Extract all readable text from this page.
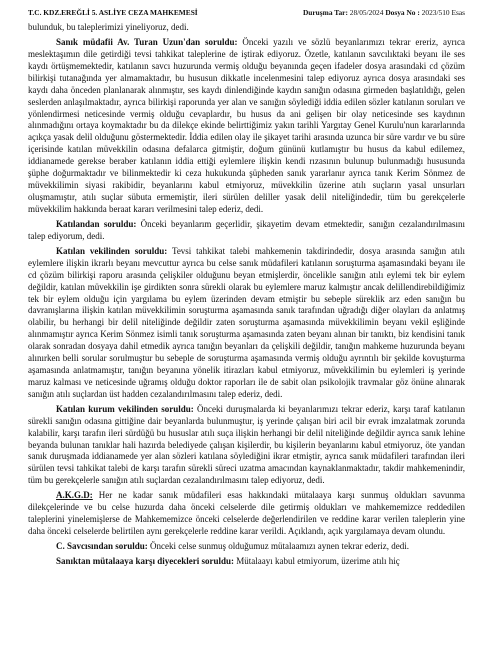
T.C. KDZ.EREĞLİ 5. ASLİYE CEZA MAHKEMESİ	Duruşma Tar: 28/05/2024 Dosya No : 2023/510 Esas

bulunduk, bu taleplerimizi yineliyoruz, dedi.

Sanık müdafii Av. Turan Uzun'dan soruldu: Önceki yazılı ve sözlü beyanlarımızı tekrar ereriz, ayrıca meslektaşımın dile getirdiği tevsi tahkikat taleplerine de iştirak ediyoruz. Özetle, katılanın savcılıktaki beyanı ile ses kaydı örtüşmemektedir, katılanın savcı huzurunda vermiş olduğu beyanında geçen ifadeler dosya arasındaki cd çözüm bilirkişi tutanağında yer almamaktadır, bu hususun dikkatle incelenmesini talep ediyoruz ayrıca dosya arasındaki ses kaydı daha önceden planlanarak alınmıştır, ses kaydı dinlendiğinde kaydın sanığın odasına girmeden başlatıldığı, gelen seslerden anlaşılmaktadır, ayrıca bilirkişi raporunda yer alan ve sanığın söylediği iddia edilen sözler katılanın soruları ve yönlendirmesi neticesinde vermiş olduğu cevaplardır, bu husus da ani gelişen bir olay neticesinde ses kaydının alınmadığını ortaya koymaktadır bu da dilekçe ekinde belirttiğimiz yakın tarihli Yargıtay Genel Kurulu'nun kararlarında açıkça yasak delil olduğunu göstermektedir. İddia edilen olay ile şikayet tarihi arasında uzunca bir süre vardır ve bu süre içerisinde katılan müvekkilin odasına defalarca gitmiştir, doğum gününü kutlamıştır bu husus da kabul edilemez, iddianamede gerekse beraber katılanın iddia ettiği eylemlere ilişkin kendi rızasının bulunup bulunmadığı hususunda şüphe doğurmaktadır ve bilinmektedir ki ceza hukukunda şüpheden sanık yararlanır ayrıca tanık Kerim Sönmez de müvekkilimin siyasi rakibidir, beyanlarını kabul etmiyoruz, müvekkilin üzerine atılı suçların yasal unsurları oluşmamıştır, atılı suçlar sübuta ermemiştir, ileri sürülen deliller yasak delil niteliğindedir, tüm bu gerekçelerle müvekkilim hakkında beraat kararı verilmesini talep ederiz, dedi.

Katılandan soruldu: Önceki beyanlarım geçerlidir, şikayetim devam etmektedir, sanığın cezalandırılmasını talep ediyorum, dedi.

Katılan vekilinden soruldu: Tevsi tahkikat talebi mahkemenin takdirindedir, dosya arasında sanığın atılı eylemlere ilişkin ikrarlı beyanı mevcuttur ayrıca bu celse sanık müdafileri katılanın soruşturma aşamasındaki beyanı ile cd çözüm bilirkişi raporu arasında çelişkiler olduğunu beyan etmişlerdir, öncelikle sanığın atılı eylemi tek bir eylem değildir, katılan müvekkilin işe girdikten sonra sürekli olarak bu eylemlere maruz kalmıştır ancak delillendirebildiğimiz tek bir eylem olduğu için yargılama bu eylem üzerinden devam etmiştir bu sebeple süreklik arz eden sanığın bu davranışlarına ilişkin katılan müvekkilimin soruşturma aşamasında sanık tarafından uğradığı diğer olayları da anlatmış olabilir, bu herhangi bir delil niteliğinde değildir zaten soruşturma aşamasında müvekkilimin beyanı vekil eşliğinde alınmamıştır ayrıca Kerim Sönmez isimli tanık soruşturma aşamasında zaten beyanı alınan bir tanıktı, biz kendisini tanık olarak sonradan dosyaya dahil etmedik ayrıca tanığın beyanları da çelişkili değildir, tanığın mahkeme huzurunda beyanı alınırken belli sorular sorulmuştur bu sebeple de soruşturma aşamasında vermiş olduğu ayrıntılı bir şekilde kovuşturma aşamasında anlatmamıştır, tanığın beyanına yönelik itirazları kabul etmiyoruz, müvekkilimin bu eylemleri iş yerinde maruz kalması ve neticesinde uğramış olduğu doktor raporları ile de sabit olan psikolojik travmalar göz önüne alınarak sanığın atılı suçlardan üst hadden cezalandırılmasını talep ederiz, dedi.

Katılan kurum vekilinden soruldu: Önceki duruşmalarda ki beyanlarımızı tekrar ederiz, karşı taraf katılanın sürekli sanığın odasına gittiğine dair beyanlarda bulunmuştur, iş yerinde çalışan biri acil bir evrak imzalatmak zorunda kalabilir, karşı tarafın ileri sürdüğü bu hususlar atılı suça ilişkin herhangi bir delil niteliğinde değildir ayrıca sanık lehine beyanda bulunan tanıklar hali hazırda belediyede çalışan kişilerdir, bu kişilerin beyanlarını kabul etmiyoruz, öte yandan sanık duruşmada iddianamede yer alan sözleri katılana söylediğini ikrar etmiştir, ayrıca sanık müdafileri tarafından ileri sürülen tevsi tahkikat talebi de karşı tarafın sürekli süreci uzatma amacından kaynaklanmaktadır, takdir mahkemenindir, tüm bu gerekçelerle sanığın atılı suçlardan cezalandırılmasını talep ediyoruz, dedi.

A.K.G.D: Her ne kadar sanık müdafileri esas hakkındaki mütalaaya karşı sunmuş oldukları savunma dilekçelerinde ve bu celse huzurda daha önceki celselerde dile getirmiş oldukları ve mahkememizce reddedilen taleplerini yinelemişlerse de Mahkememizce önceki celselerde değerlendirilen ve reddine karar verilen taleplerin yine daha önceki celselerde belirtilen aynı gerekçelerle reddine karar verildi. Açıklandı, açık yargılamaya devam olundu.

C. Savcısından soruldu: Önceki celse sunmuş olduğumuz mütalaamızı aynen tekrar ederiz, dedi.

Sanıktan mütalaaya karşı diyecekleri soruldu: Mütalaayı kabul etmiyorum, üzerime atılı hiç
